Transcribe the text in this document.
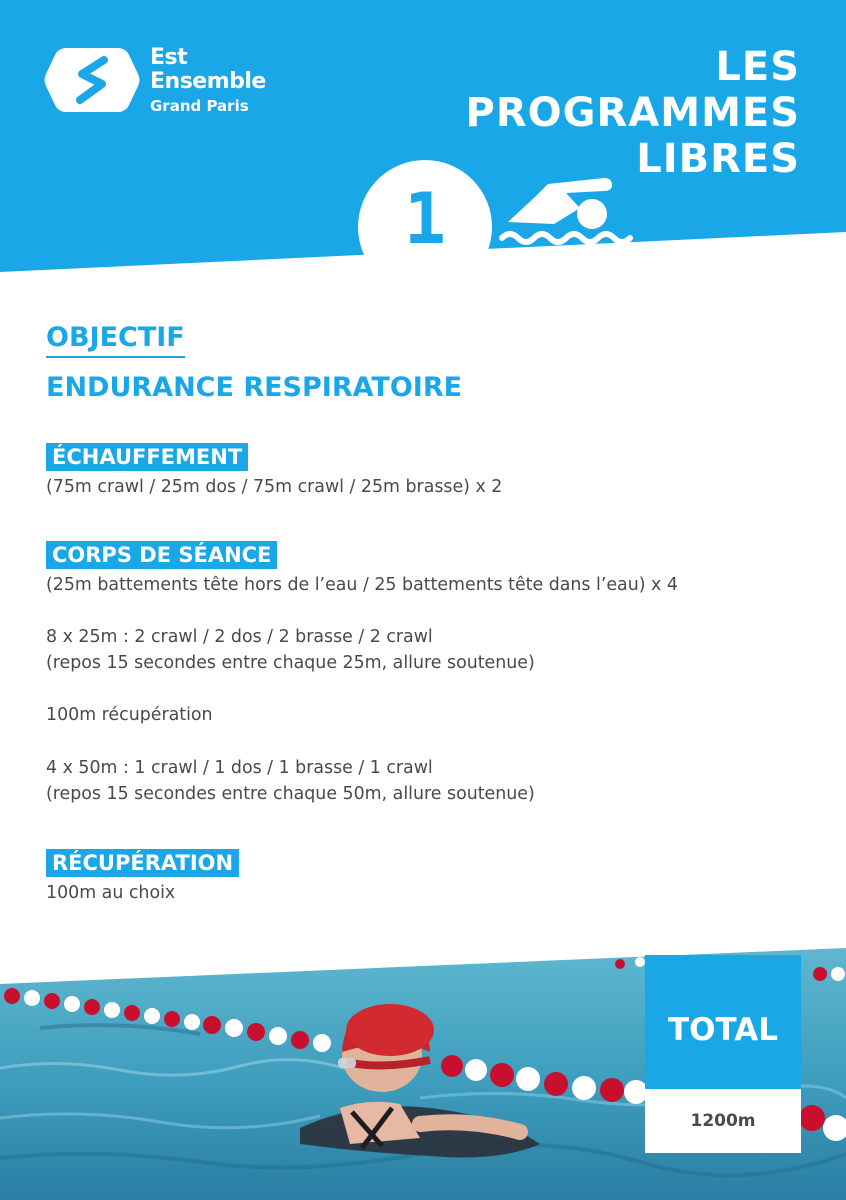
Est
Ensemble
Grand Paris
LES
PROGRAMMES
LIBRES
1
OBJECTIF
ENDURANCE RESPIRATOIRE
ÉCHAUFFEMENT
(75m crawl / 25m dos / 75m crawl / 25m brasse) x 2
CORPS DE SÉANCE
(25m battements tête hors de l’eau / 25 battements tête dans l’eau) x 4
8 x 25m : 2 crawl / 2 dos / 2 brasse / 2 crawl
(repos 15 secondes entre chaque 25m, allure soutenue)
100m récupération
4 x 50m : 1 crawl / 1 dos / 1 brasse / 1 crawl
(repos 15 secondes entre chaque 50m, allure soutenue)
RÉCUPÉRATION
100m au choix
TOTAL
1200m
